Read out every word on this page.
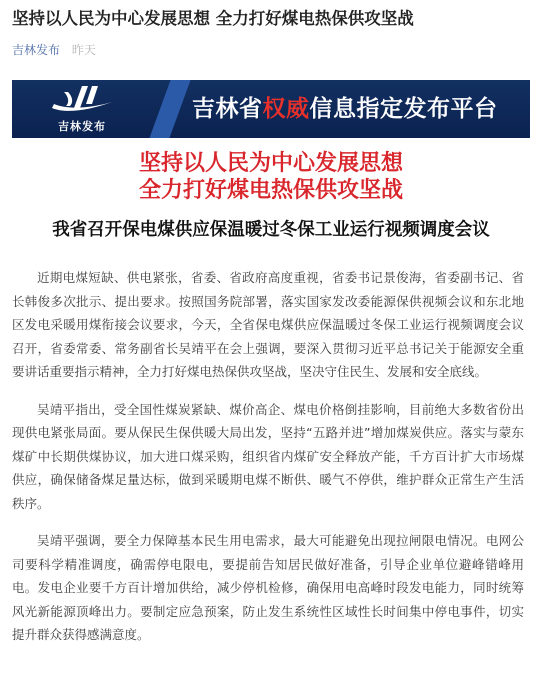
坚持以人民为中心发展思想 全力打好煤电热保供攻坚战
吉林发布 昨天
吉林发布
吉林省权威信息指定发布平台
坚持以人民为中心发展思想
全力打好煤电热保供攻坚战
我省召开保电煤供应保温暖过冬保工业运行视频调度会议

近期电煤短缺、供电紧张，省委、省政府高度重视，省委书记景俊海，省委副书记、省长韩俊多次批示、提出要求。按照国务院部署，落实国家发改委能源保供视频会议和东北地区发电采暖用煤衔接会议要求，今天，全省保电煤供应保温暖过冬保工业运行视频调度会议召开，省委常委、常务副省长吴靖平在会上强调，要深入贯彻习近平总书记关于能源安全重要讲话重要指示精神，全力打好煤电热保供攻坚战，坚决守住民生、发展和安全底线。

吴靖平指出，受全国性煤炭紧缺、煤价高企、煤电价格倒挂影响，目前绝大多数省份出现供电紧张局面。要从保民生保供暖大局出发，坚持“五路并进”增加煤炭供应。落实与蒙东煤矿中长期供煤协议，加大进口煤采购，组织省内煤矿安全释放产能，千方百计扩大市场煤供应，确保储备煤足量达标，做到采暖期电煤不断供、暖气不停供，维护群众正常生产生活秩序。

吴靖平强调，要全力保障基本民生用电需求，最大可能避免出现拉闸限电情况。电网公司要科学精准调度，确需停电限电，要提前告知居民做好准备，引导企业单位避峰错峰用电。发电企业要千方百计增加供给，减少停机检修，确保用电高峰时段发电能力，同时统筹风光新能源顶峰出力。要制定应急预案，防止发生系统性区域性长时间集中停电事件，切实提升群众获得感满意度。
